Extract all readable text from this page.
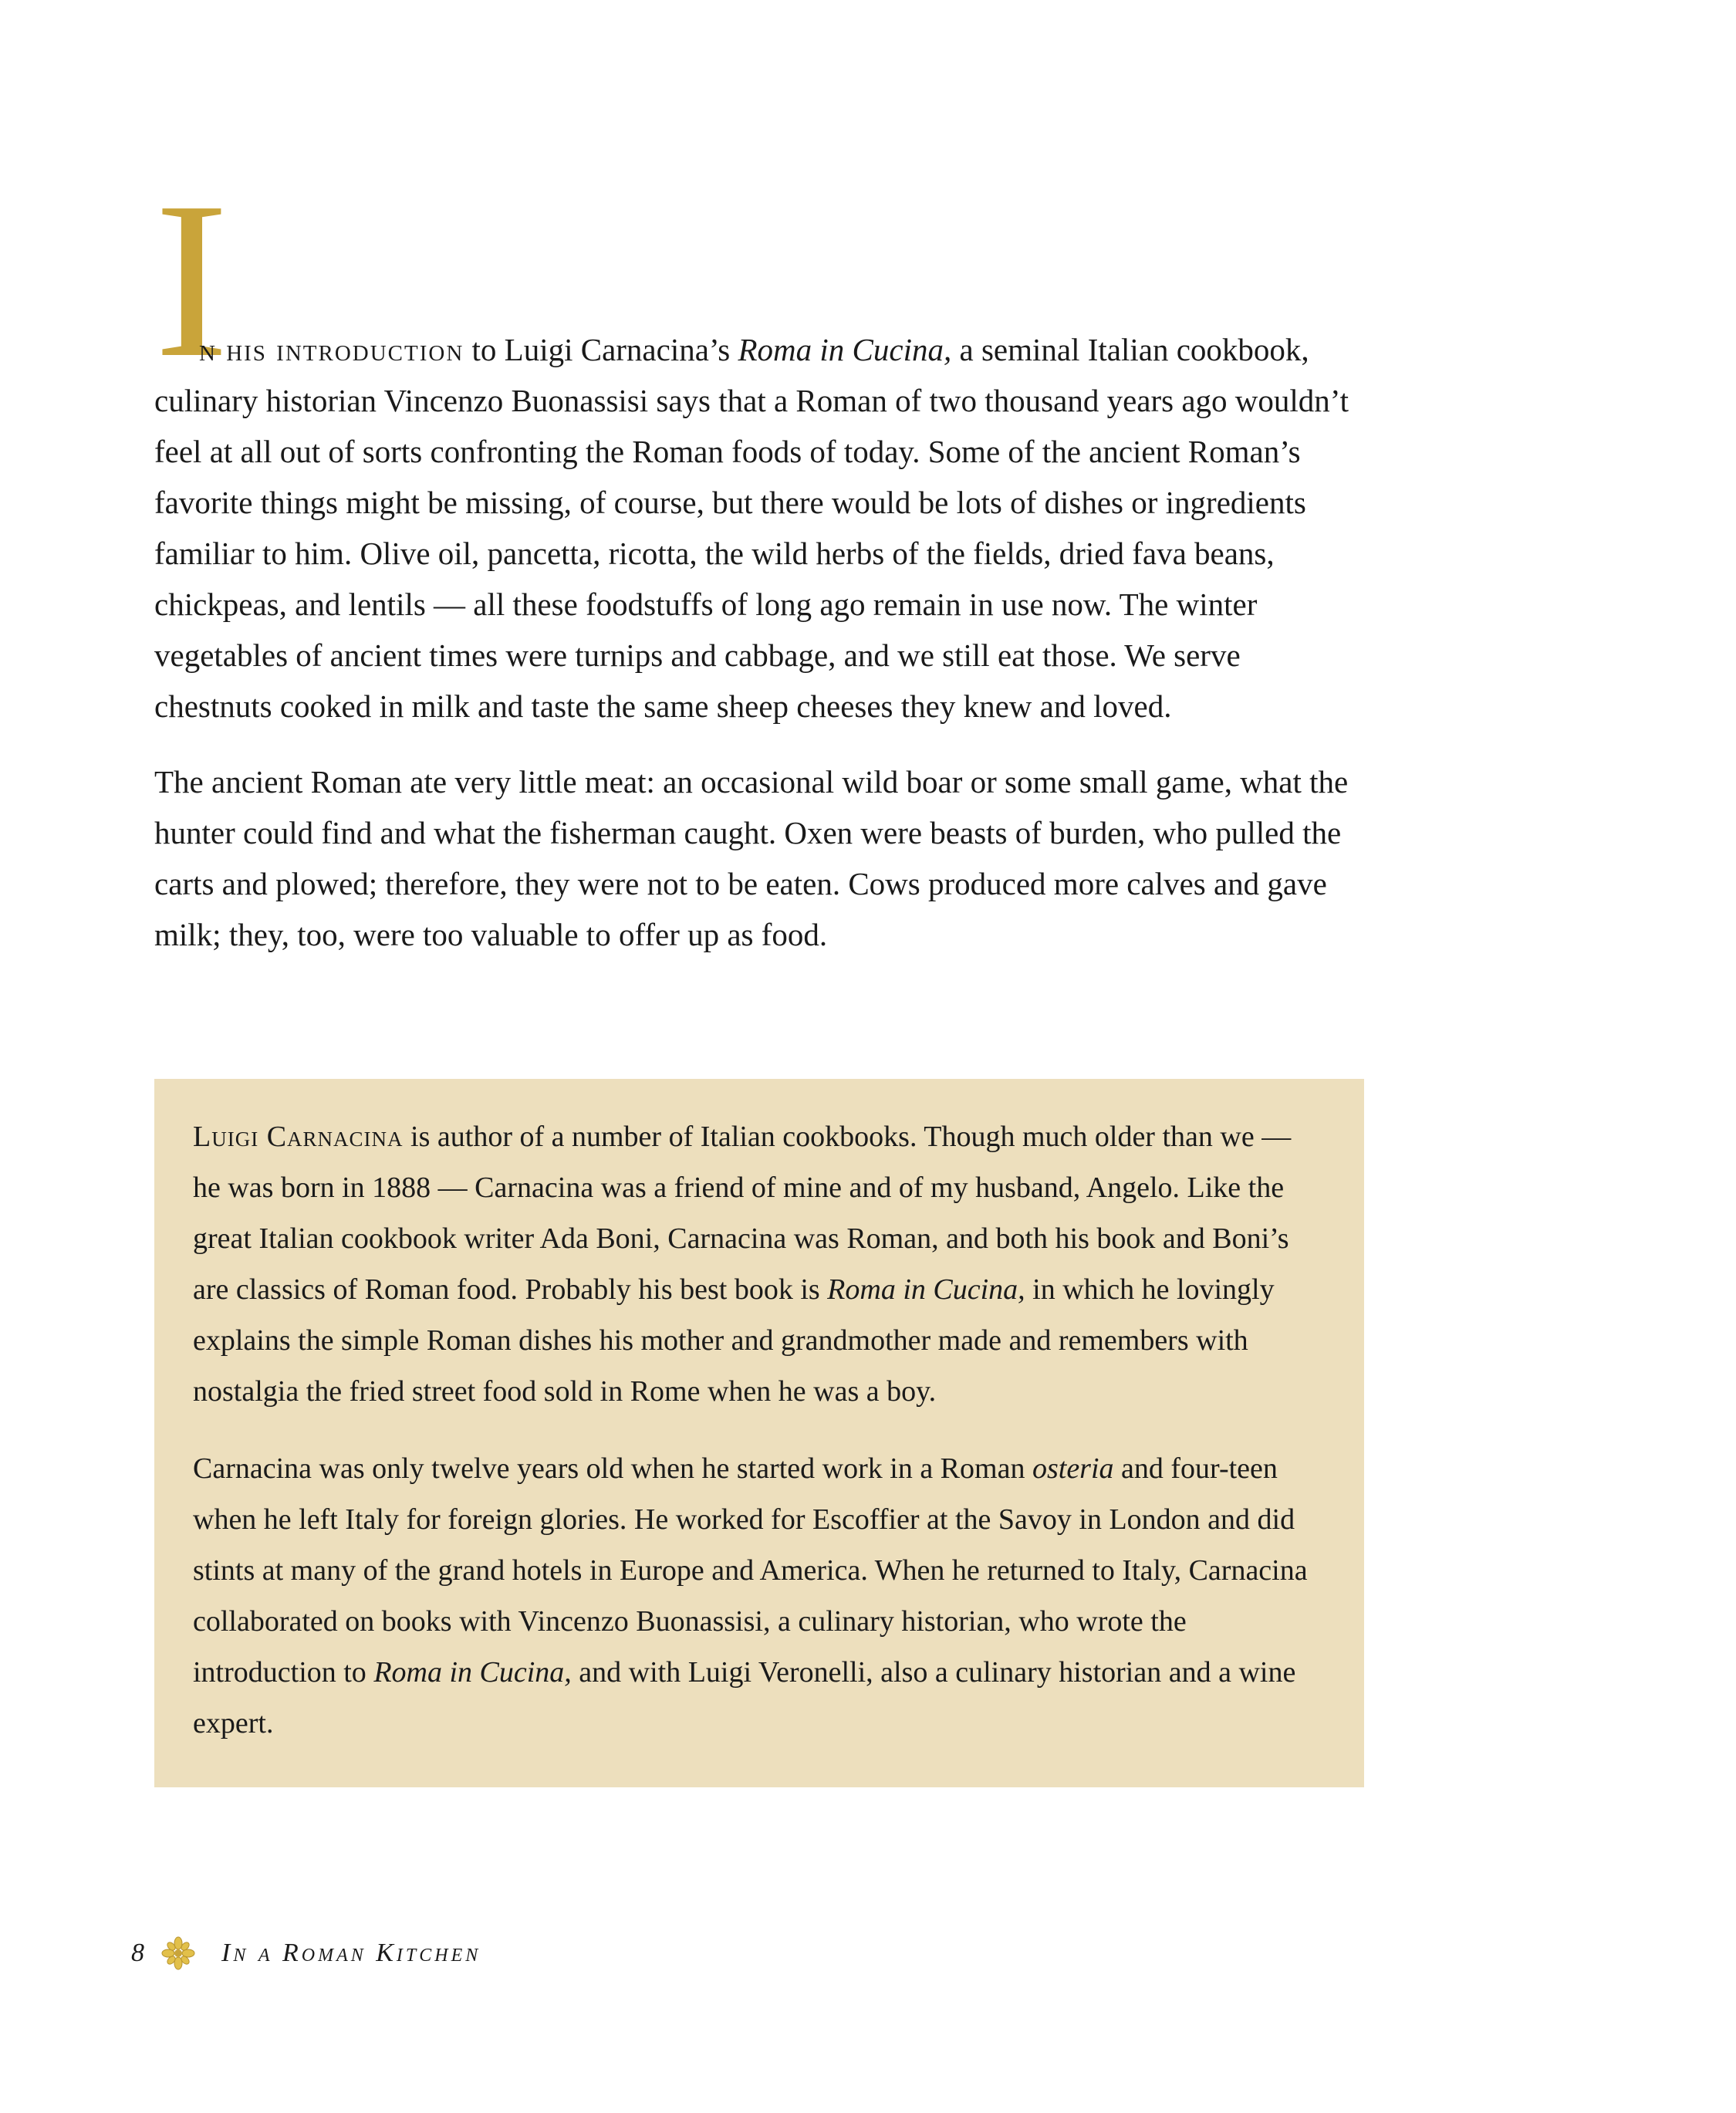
I

n his introduction to Luigi Carnacina’s Roma in Cucina, a seminal Italian cookbook, culinary historian Vincenzo Buonassisi says that a Roman of two thousand years ago wouldn’t feel at all out of sorts confronting the Roman foods of today. Some of the ancient Roman’s favorite things might be missing, of course, but there would be lots of dishes or ingredients familiar to him. Olive oil, pancetta, ricotta, the wild herbs of the fields, dried fava beans, chickpeas, and lentils — all these foodstuffs of long ago remain in use now. The winter vegetables of ancient times were turnips and cabbage, and we still eat those. We serve chestnuts cooked in milk and taste the same sheep cheeses they knew and loved.

The ancient Roman ate very little meat: an occasional wild boar or some small game, what the hunter could find and what the fisherman caught. Oxen were beasts of burden, who pulled the carts and plowed; therefore, they were not to be eaten. Cows produced more calves and gave milk; they, too, were too valuable to offer up as food.

Luigi Carnacina is author of a number of Italian cookbooks. Though much older than we — he was born in 1888 — Carnacina was a friend of mine and of my husband, Angelo. Like the great Italian cookbook writer Ada Boni, Carnacina was Roman, and both his book and Boni’s are classics of Roman food. Probably his best book is Roma in Cucina, in which he lovingly explains the simple Roman dishes his mother and grandmother made and remembers with nostalgia the fried street food sold in Rome when he was a boy.

Carnacina was only twelve years old when he started work in a Roman osteria and four-teen when he left Italy for foreign glories. He worked for Escoffier at the Savoy in London and did stints at many of the grand hotels in Europe and America. When he returned to Italy, Carnacina collaborated on books with Vincenzo Buonassisi, a culinary historian, who wrote the introduction to Roma in Cucina, and with Luigi Veronelli, also a culinary historian and a wine expert.

8	In a Roman Kitchen
